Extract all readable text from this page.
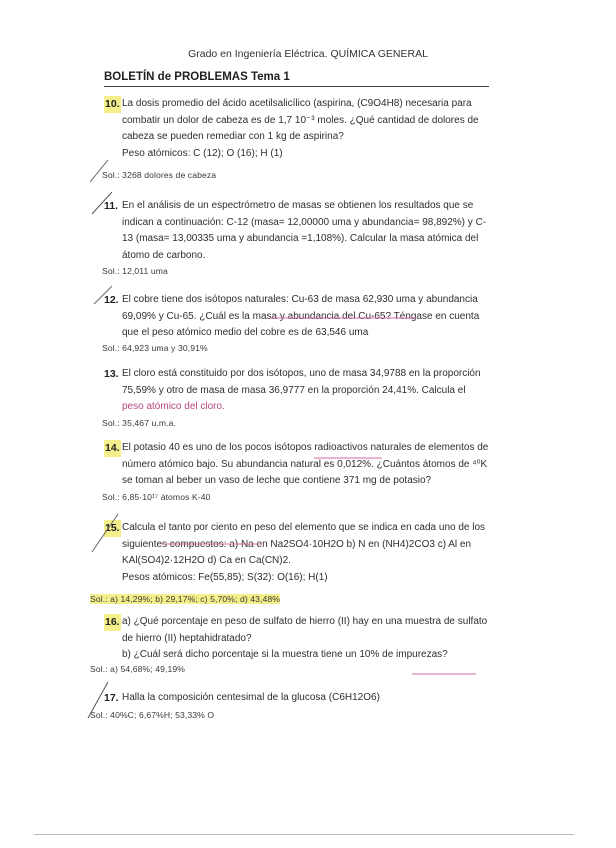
Grado en Ingeniería Eléctrica. QUÍMICA GENERAL
BOLETÍN de PROBLEMAS Tema 1
10. La dosis promedio del ácido acetilsalicílico (aspirina, (C9O4H8) necesaria para

combatir un dolor de cabeza es de 1,7 10⁻³ moles. ¿Qué cantidad de dolores de

cabeza se pueden remediar con 1 kg de aspirina?

Peso atómicos: C (12); O (16); H (1)

Sol.: 3268 dolores de cabeza
11. En el análisis de un espectrómetro de masas se obtienen los resultados que se

indican a continuación: C-12 (masa= 12,00000 uma y abundancia= 98,892%) y C-

13 (masa= 13,00335 uma y abundancia =1,108%). Calcular la masa atómica del

átomo de carbono.

Sol.: 12,011 uma
12. El cobre tiene dos isótopos naturales: Cu-63 de masa 62,930 uma y abundancia

69,09% y Cu-65. ¿Cuál es la masa y abundancia del Cu-65? Téngase en cuenta

que el peso atómico medio del cobre es de 63,546 uma

Sol.: 64,923 uma y 30,91%
13. El cloro está constituido por dos isótopos, uno de masa 34,9788 en la proporción

75,59% y otro de masa de masa 36,9777 en la proporción 24,41%. Calcula el

peso atómico del cloro.

Sol.: 35,467 u.m.a.
14. El potasio 40 es uno de los pocos isótopos radioactivos naturales de elementos de

número atómico bajo. Su abundancia natural es 0,012%. ¿Cuántos átomos de ⁴⁰K

se toman al beber un vaso de leche que contiene 371 mg de potasio?

Sol.: 6,85·10¹⁷ átomos K-40
15. Calcula el tanto por ciento en peso del elemento que se indica en cada uno de los

siguientes compuestos: a) Na en Na2SO4·10H2O b) N en (NH4)2CO3 c) Al en

KAl(SO4)2·12H2O d) Ca en Ca(CN)2.

Pesos atómicos: Fe(55,85); S(32): O(16); H(1)

Sol.: a) 14,29%; b) 29,17%; c) 5,70%; d) 43,48%
16. a) ¿Qué porcentaje en peso de sulfato de hierro (II) hay en una muestra de sulfato

de hierro (II) heptahidratado?

b) ¿Cuál será dicho porcentaje si la muestra tiene un 10% de impurezas?

Sol.: a) 54,68%; 49,19%
17. Halla la composición centesimal de la glucosa (C6H12O6)

Sol.: 40%C; 6,67%H; 53,33% O
